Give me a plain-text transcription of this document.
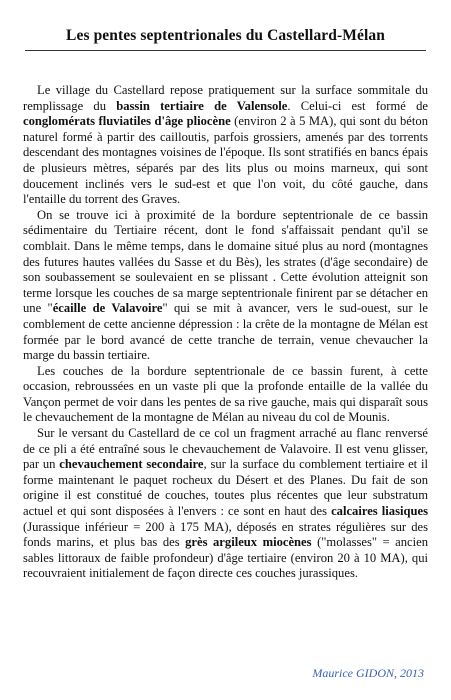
Les pentes septentrionales du Castellard-Mélan

Le village du Castellard repose pratiquement sur la surface sommitale du remplissage du bassin tertiaire de Valensole. Celui-ci est formé de conglomérats fluviatiles d'âge pliocène (environ 2 à 5 MA), qui sont du béton naturel formé à partir des cailloutis, parfois grossiers, amenés par des torrents descendant des montagnes voisines de l'époque. Ils sont stratifiés en bancs épais de plusieurs mètres, séparés par des lits plus ou moins marneux, qui sont doucement inclinés vers le sud-est et que l'on voit, du côté gauche, dans l'entaille du torrent des Graves.

On se trouve ici à proximité de la bordure septentrionale de ce bassin sédimentaire du Tertiaire récent, dont le fond s'affaissait pendant qu'il se comblait. Dans le même temps, dans le domaine situé plus au nord (montagnes des futures hautes vallées du Sasse et du Bès), les strates (d'âge secondaire) de son soubassement se soulevaient en se plissant . Cette évolution atteignit son terme lorsque les couches de sa marge septentrionale finirent par se détacher en une "écaille de Valavoire" qui se mit à avancer, vers le sud-ouest, sur le comblement de cette ancienne dépression : la crête de la montagne de Mélan est formée par le bord avancé de cette tranche de terrain, venue chevaucher la marge du bassin tertiaire.

Les couches de la bordure septentrionale de ce bassin furent, à cette occasion, rebroussées en un vaste pli que la profonde entaille de la vallée du Vançon permet de voir dans les pentes de sa rive gauche, mais qui disparaît sous le chevauchement de la montagne de Mélan au niveau du col de Mounis.

Sur le versant du Castellard de ce col un fragment arraché au flanc renversé de ce pli a été entraîné sous le chevauchement de Valavoire. Il est venu glisser, par un chevauchement secondaire, sur la surface du comblement tertiaire et il forme maintenant le paquet rocheux du Désert et des Planes. Du fait de son origine il est constitué de couches, toutes plus récentes que leur substratum actuel et qui sont disposées à l'envers : ce sont en haut des calcaires liasiques (Jurassique inférieur = 200 à 175 MA), déposés en strates régulières sur des fonds marins, et plus bas des grès argileux miocènes ("molasses" = ancien sables littoraux de faible profondeur) d'âge tertiaire (environ 20 à 10 MA), qui recouvraient initialement de façon directe ces couches jurassiques.

Maurice GIDON, 2013
